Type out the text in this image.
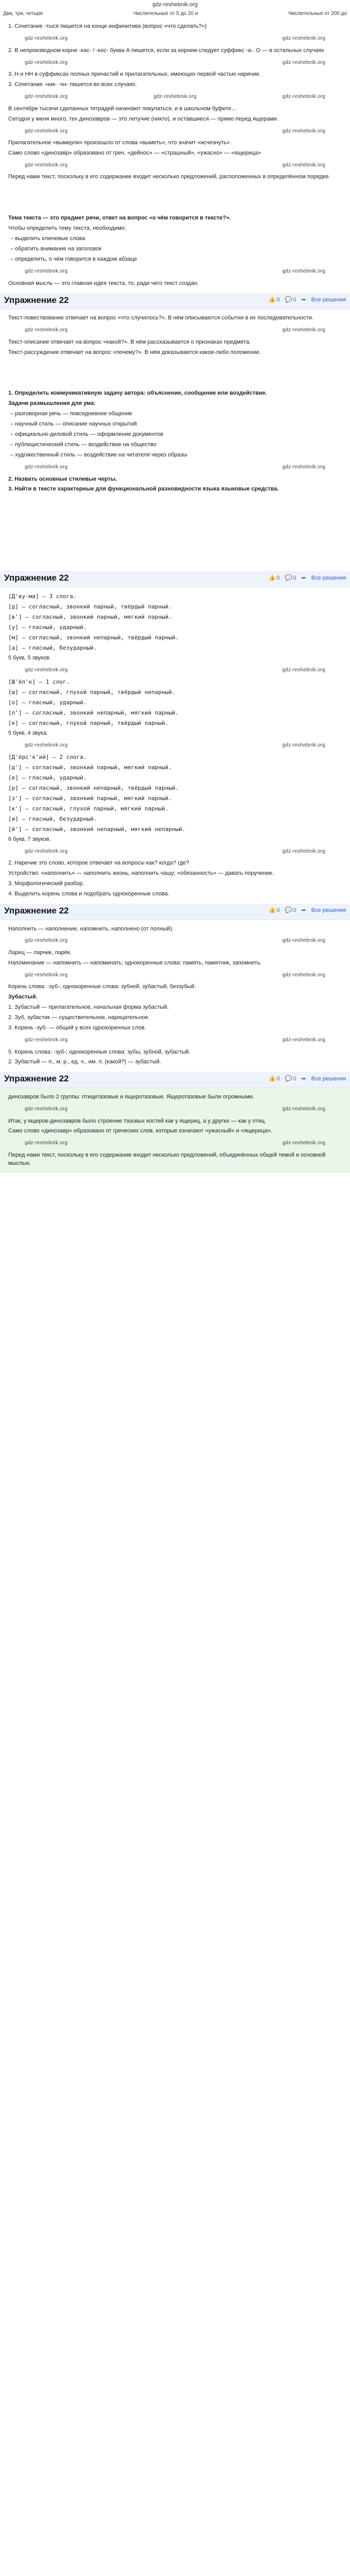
gdz-reshebnik.org
Два, три, четыре	Числительные от 5 до 20 и	Числительные от 200 до
1. Сочетание -тыся пишется на конце инфинитива (вопрос «что сделать?»)
gdz-reshebnik.org	gdz-reshebnik.org
2. В непроизводном корне -кас- / -кос- буква А пишется, если за корнем следует суффикс -а-. О — в остальных случаях
gdz-reshebnik.org	gdz-reshebnik.org
3. Н и НН в суффиксах полных причастий и прилагательных, имеющих первой частью наречие.
3. Сочетание -ник- -чн- пишется во всех случаях.
gdz-reshebnik.org	gdz-reshebnik.org	gdz-reshebnik.org
В сентябре тысячи сделанных тетрадей начинают покупаться, и в школьном буфете…
Сегодня у меня много, тех динозавров — это летучие (никто), и оставшиеся — прямо перед ящерами.
gdz-reshebnik.org	gdz-reshebnik.org
Прилагательное «вымерли» произошло от слова «выметь», что значит «исчезнуть».
Само слово «динозавр» образовано от греч. «дейнос» — «страшный», «ужасно» — «ящерица»
gdz-reshebnik.org	gdz-reshebnik.org
Перед нами текст, поскольку в его содержание входит несколько предложений, расположенных в определённом порядке.
Тема текста — это предмет речи, ответ на вопрос «о чём говорится в тексте?».
Чтобы определить тему текста, необходимо:
– выделить ключевые слова
– обратить внимание на заголовок
– определить, о чём говорится в каждом абзаце
gdz-reshebnik.org	gdz-reshebnik.org
Основная мысль — это главная идея текста, то, ради чего текст создан.
Упражнение 22	👍 0 💬 0 ➦ Все решения
Текст-повествование отвечает на вопрос «что случилось?». В нём описываются события в их последовательности.
gdz-reshebnik.org	gdz-reshebnik.org
Текст-описание отвечает на вопрос «какой?». В нём рассказывается о признаках предмета.
Текст-рассуждение отвечает на вопрос «почему?». В нём доказывается какое-либо положение.
1. Определить коммуникативную задачу автора: объяснение, сообщение или воздействие.
Задачи размышления для ума:
– разговорная речь — повседневное общение
– научный стиль — описание научных открытий
– официально-деловой стиль — оформление документов
– публицистический стиль — воздействие на общество
– художественный стиль — воздействие на читателя через образы
gdz-reshebnik.org	gdz-reshebnik.org
2. Назвать основные стилевые черты.
3. Найти в тексте характерные для функциональной разновидности языка языковые средства.
Упражнение 22	👍 0 💬 0 ➦ Все решения
[Д'ву-ма] — 3 слога.
[д] — согласный, звонкий парный, твёрдый парный.
[в'] — согласный, звонкий парный, мягкий парный.
[у] — гласный, ударный.
[м] — согласный, звонкий непарный, твёрдый парный.
[а] — гласный, безударный.
5 букв, 5 звуков.
gdz-reshebnik.org	gdz-reshebnik.org
[Ш'ёл'к] — 1 слог.
[ш] — согласный, глухой парный, твёрдый непарный.
[о] — гласный, ударный.
[л'] — согласный, звонкий непарный, мягкий парный.
[к] — согласный, глухой парный, твёрдый парный.
5 букв, 4 звука.
gdz-reshebnik.org	gdz-reshebnik.org
[Д'ёрс'к'ий] — 2 слога.
[д'] — согласный, звонкий парный, мягкий парный.
[е] — гласный, ударный.
[р] — согласный, звонкий непарный, твёрдый парный.
[з'] — согласный, звонкий парный, мягкий парный.
[к'] — согласный, глухой парный, мягкий парный.
[и] — гласный, безударный.
[й'] — согласный, звонкий непарный, мягкий непарный.
6 букв, 7 звуков.
gdz-reshebnik.org	gdz-reshebnik.org
2. Наречие это слово, которое отвечает на вопросы как? когда? где?
Устройство: «наполнить» — наполнить жизнь, наполнить чашу; «обязанность» — давать поручение.
3. Морфологический разбор.
4. Выделить корень слова и подобрать однокоренные слова.
Упражнение 22	👍 0 💬 0 ➦ Все решения
Наполнить — наполнение, напомнить, наполнено (от полный).
gdz-reshebnik.org	gdz-reshebnik.org
Ларец — ларчик, ларёк.
Напоминание — напомнить — напоминать; однокоренные слова: память, памятник, запомнить.
gdz-reshebnik.org	gdz-reshebnik.org
Корень слова: -зуб-; однокоренные слова: зубной, зубастый, беззубый.
Зубастый.
1. Зубастый — прилагательное, начальная форма зубастый.
2. Зуб, зубастик — существительное, нарицательное.
3. Корень -зуб- — общий у всех однокоренных слов.
gdz-reshebnik.org	gdz-reshebnik.org
5. Корень слова: -зуб-; однокоренные слова: зубы, зубной, зубастый.
2. Зубастый — п., м. р., ед. ч., им. п. (какой?) — зубастый.
Упражнение 22	👍 0 💬 0 ➦ Все решения
динозавров было 2 группы: птицетазовые и ящеротазовые. Ящеротазовые были огромными.
gdz-reshebnik.org	gdz-reshebnik.org
Итак, у ящеров-динозавров было строение тазовых костей как у ящериц, а у других — как у птиц.
Само слово «динозавр» образовано от греческих слов, которые означают «ужасный» и «ящерица».
gdz-reshebnik.org	gdz-reshebnik.org
Перед нами текст, поскольку в его содержание входит несколько предложений, объединённых общей темой и основной мыслью.
